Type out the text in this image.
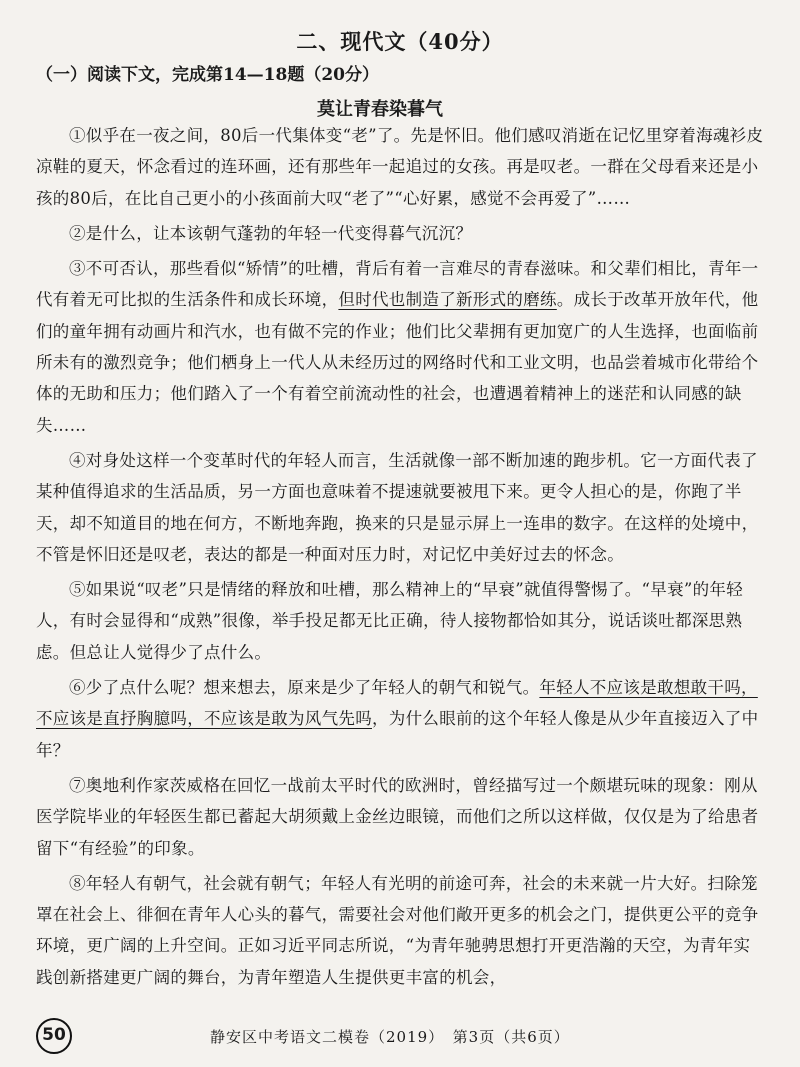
二、现代文（40分）
（一）阅读下文，完成第14—18题（20分）
莫让青春染暮气

①似乎在一夜之间，80后一代集体变“老”了。先是怀旧。他们感叹消逝在记忆里穿着海魂衫皮凉鞋的夏天，怀念看过的连环画，还有那些年一起追过的女孩。再是叹老。一群在父母看来还是小孩的80后，在比自己更小的小孩面前大叹“老了”“心好累，感觉不会再爱了”……

②是什么，让本该朝气蓬勃的年轻一代变得暮气沉沉？

③不可否认，那些看似“矫情”的吐槽，背后有着一言难尽的青春滋味。和父辈们相比，青年一代有着无可比拟的生活条件和成长环境，但时代也制造了新形式的磨练。成长于改革开放年代，他们的童年拥有动画片和汽水，也有做不完的作业；他们比父辈拥有更加宽广的人生选择，也面临前所未有的激烈竞争；他们栖身上一代人从未经历过的网络时代和工业文明，也品尝着城市化带给个体的无助和压力；他们踏入了一个有着空前流动性的社会，也遭遇着精神上的迷茫和认同感的缺失……

④对身处这样一个变革时代的年轻人而言，生活就像一部不断加速的跑步机。它一方面代表了某种值得追求的生活品质，另一方面也意味着不提速就要被甩下来。更令人担心的是，你跑了半天，却不知道目的地在何方，不断地奔跑，换来的只是显示屏上一连串的数字。在这样的处境中，不管是怀旧还是叹老，表达的都是一种面对压力时，对记忆中美好过去的怀念。

⑤如果说“叹老”只是情绪的释放和吐槽，那么精神上的“早衰”就值得警惕了。“早衰”的年轻人，有时会显得和“成熟”很像，举手投足都无比正确，待人接物都恰如其分，说话谈吐都深思熟虑。但总让人觉得少了点什么。

⑥少了点什么呢？想来想去，原来是少了年轻人的朝气和锐气。年轻人不应该是敢想敢干吗，不应该是直抒胸臆吗，不应该是敢为风气先吗，为什么眼前的这个年轻人像是从少年直接迈入了中年？

⑦奥地利作家茨威格在回忆一战前太平时代的欧洲时，曾经描写过一个颇堪玩味的现象：刚从医学院毕业的年轻医生都已蓄起大胡须戴上金丝边眼镜，而他们之所以这样做，仅仅是为了给患者留下“有经验”的印象。

⑧年轻人有朝气，社会就有朝气；年轻人有光明的前途可奔，社会的未来就一片大好。扫除笼罩在社会上、徘徊在青年人心头的暮气，需要社会对他们敞开更多的机会之门，提供更公平的竞争环境，更广阔的上升空间。正如习近平同志所说，“为青年驰骋思想打开更浩瀚的天空，为青年实践创新搭建更广阔的舞台，为青年塑造人生提供更丰富的机会，

50	静安区中考语文二模卷（2019）　第3页（共6页）
